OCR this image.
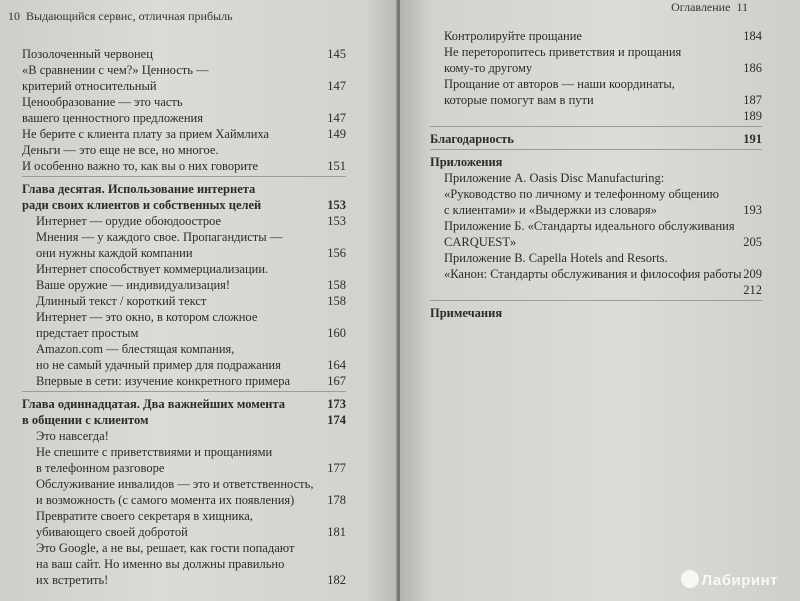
10 Выдающийся сервис, отличная прибыль
Позолоченный червонец	145
«В сравнении с чем?» Ценность —
критерий относительный	147
Ценообразование — это часть
вашего ценностного предложения	147
Не берите с клиента плату за прием Хаймлиха	149
Деньги — это еще не все, но многое.
И особенно важно то, как вы о них говорите	151
Глава десятая. Использование интернета
ради своих клиентов и собственных целей	153
Интернет — орудие обоюдоострое	153
Мнения — у каждого свое. Пропагандисты —
они нужны каждой компании	156
Интернет способствует коммерциализации.
Ваше оружие — индивидуализация!	158
Длинный текст / короткий текст	158
Интернет — это окно, в котором сложное
предстает простым	160
Amazon.com — блестящая компания,
но не самый удачный пример для подражания	164
Впервые в сети: изучение конкретного примера	167
Глава одиннадцатая. Два важнейших момента	173
в общении с клиентом	174
Это навсегда!
Не спешите с приветствиями и прощаниями
в телефонном разговоре	177
Обслуживание инвалидов — это и ответственность,
и возможность (с самого момента их появления)	178
Превратите своего секретаря в хищника,
убивающего своей добротой	181
Это Google, а не вы, решает, как гости попадают
на ваш сайт. Но именно вы должны правильно
их встретить!	182
Оглавление 11
Контролируйте прощание	184
Не переторопитесь приветствия и прощания
кому-то другому	186
Прощание от авторов — наши координаты,
которые помогут вам в пути	187
189
Благодарность	191
Приложения
Приложение А. Oasis Disc Manufacturing:
«Руководство по личному и телефонному общению
с клиентами» и «Выдержки из словаря»	193
Приложение Б. «Стандарты идеального обслуживания
CARQUEST»	205
Приложение В. Capella Hotels and Resorts.
«Канон: Стандарты обслуживания и философия работы 209
212
Примечания
Лабиринт
